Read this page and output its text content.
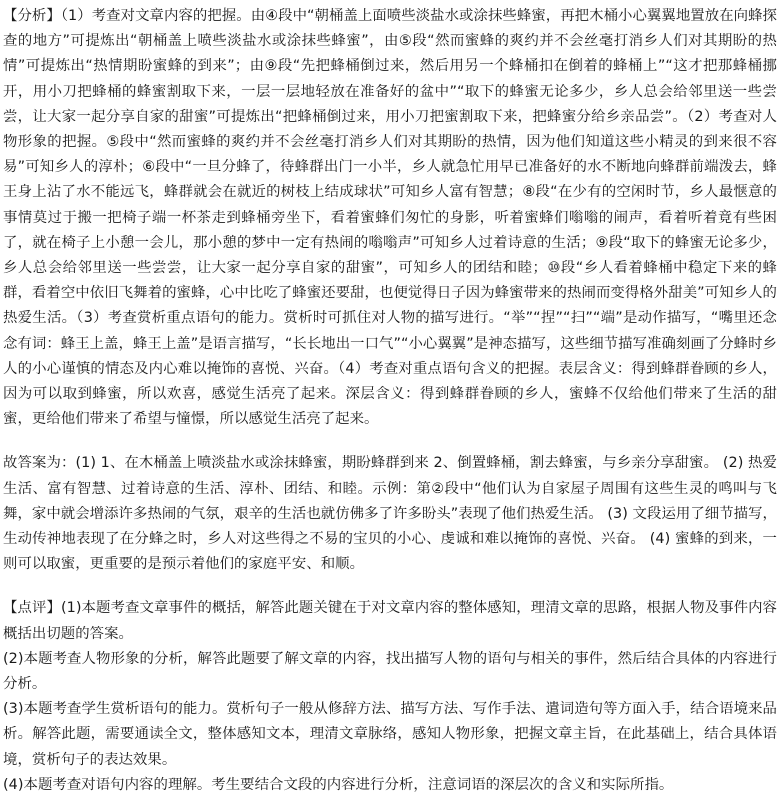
【分析】（1）考查对文章内容的把握。由④段中“朝桶盖上面喷些淡盐水或涂抹些蜂蜜，再把木桶小心翼翼地置放在向蜂探查的地方”可提炼出“朝桶盖上喷些淡盐水或涂抹些蜂蜜”，由⑤段“然而蜜蜂的爽约并不会丝毫打消乡人们对其期盼的热情”可提炼出“热情期盼蜜蜂的到来”；由⑨段“先把蜂桶倒过来，然后用另一个蜂桶扣在倒着的蜂桶上”“这才把那蜂桶挪开，用小刀把蜂桶的蜂蜜割取下来，一层一层地轻放在准备好的盆中”“取下的蜂蜜无论多少，乡人总会给邻里送一些尝尝，让大家一起分享自家的甜蜜”可提炼出“把蜂桶倒过来，用小刀把蜜割取下来，把蜂蜜分给乡亲品尝”。（2）考查对人物形象的把握。⑤段中“然而蜜蜂的爽约并不会丝毫打消乡人们对其期盼的热情，因为他们知道这些小精灵的到来很不容易”可知乡人的淳朴；⑥段中“一旦分蜂了，待蜂群出门一小半，乡人就急忙用早已准备好的水不断地向蜂群前端泼去，蜂王身上沾了水不能远飞，蜂群就会在就近的树枝上结成球状”可知乡人富有智慧；⑧段“在少有的空闲时节，乡人最惬意的事情莫过于搬一把椅子端一杯茶走到蜂桶旁坐下，看着蜜蜂们匆忙的身影，听着蜜蜂们嗡嗡的闹声，看着听着竟有些困了，就在椅子上小憩一会儿，那小憩的梦中一定有热闹的嗡嗡声”可知乡人过着诗意的生活；⑨段“取下的蜂蜜无论多少，乡人总会给邻里送一些尝尝，让大家一起分享自家的甜蜜”，可知乡人的团结和睦；⑩段“乡人看着蜂桶中稳定下来的蜂群，看着空中依旧飞舞着的蜜蜂，心中比吃了蜂蜜还要甜，也便觉得日子因为蜂蜜带来的热闹而变得格外甜美”可知乡人的热爱生活。（3）考查赏析重点语句的能力。赏析时可抓住对人物的描写进行。“举”“捏”“扫”“端”是动作描写，“嘴里还念念有词：蜂王上盖，蜂王上盖”是语言描写，“长长地出一口气”“小心翼翼”是神态描写，这些细节描写准确刻画了分蜂时乡人的小心谨慎的情态及内心难以掩饰的喜悦、兴奋。（4）考查对重点语句含义的把握。表层含义：得到蜂群眷顾的乡人，因为可以取到蜂蜜，所以欢喜，感觉生活亮了起来。深层含义：得到蜂群眷顾的乡人，蜜蜂不仅给他们带来了生活的甜蜜，更给他们带来了希望与憧憬，所以感觉生活亮了起来。

故答案为：(1) 1、在木桶盖上喷淡盐水或涂抹蜂蜜，期盼蜂群到来 2、倒置蜂桶，割去蜂蜜，与乡亲分享甜蜜。 (2) 热爱生活、富有智慧、过着诗意的生活、淳朴、团结、和睦。示例：第②段中“他们认为自家屋子周围有这些生灵的鸣叫与飞舞，家中就会增添许多热闹的气氛，艰辛的生活也就仿佛多了许多盼头”表现了他们热爱生活。 (3) 文段运用了细节描写，生动传神地表现了在分蜂之时，乡人对这些得之不易的宝贝的小心、虔诚和难以掩饰的喜悦、兴奋。 (4) 蜜蜂的到来，一则可以取蜜，更重要的是预示着他们的家庭平安、和顺。

【点评】(1)本题考查文章事件的概括，解答此题关键在于对文章内容的整体感知，理清文章的思路，根据人物及事件内容概括出切题的答案。

(2)本题考查人物形象的分析，解答此题要了解文章的内容，找出描写人物的语句与相关的事件，然后结合具体的内容进行分析。

(3)本题考查学生赏析语句的能力。赏析句子一般从修辞方法、描写方法、写作手法、遣词造句等方面入手，结合语境来品析。解答此题，需要通读全文，整体感知文本，理清文章脉络，感知人物形象，把握文章主旨，在此基础上，结合具体语境，赏析句子的表达效果。

(4)本题考查对语句内容的理解。考生要结合文段的内容进行分析，注意词语的深层次的含义和实际所指。
